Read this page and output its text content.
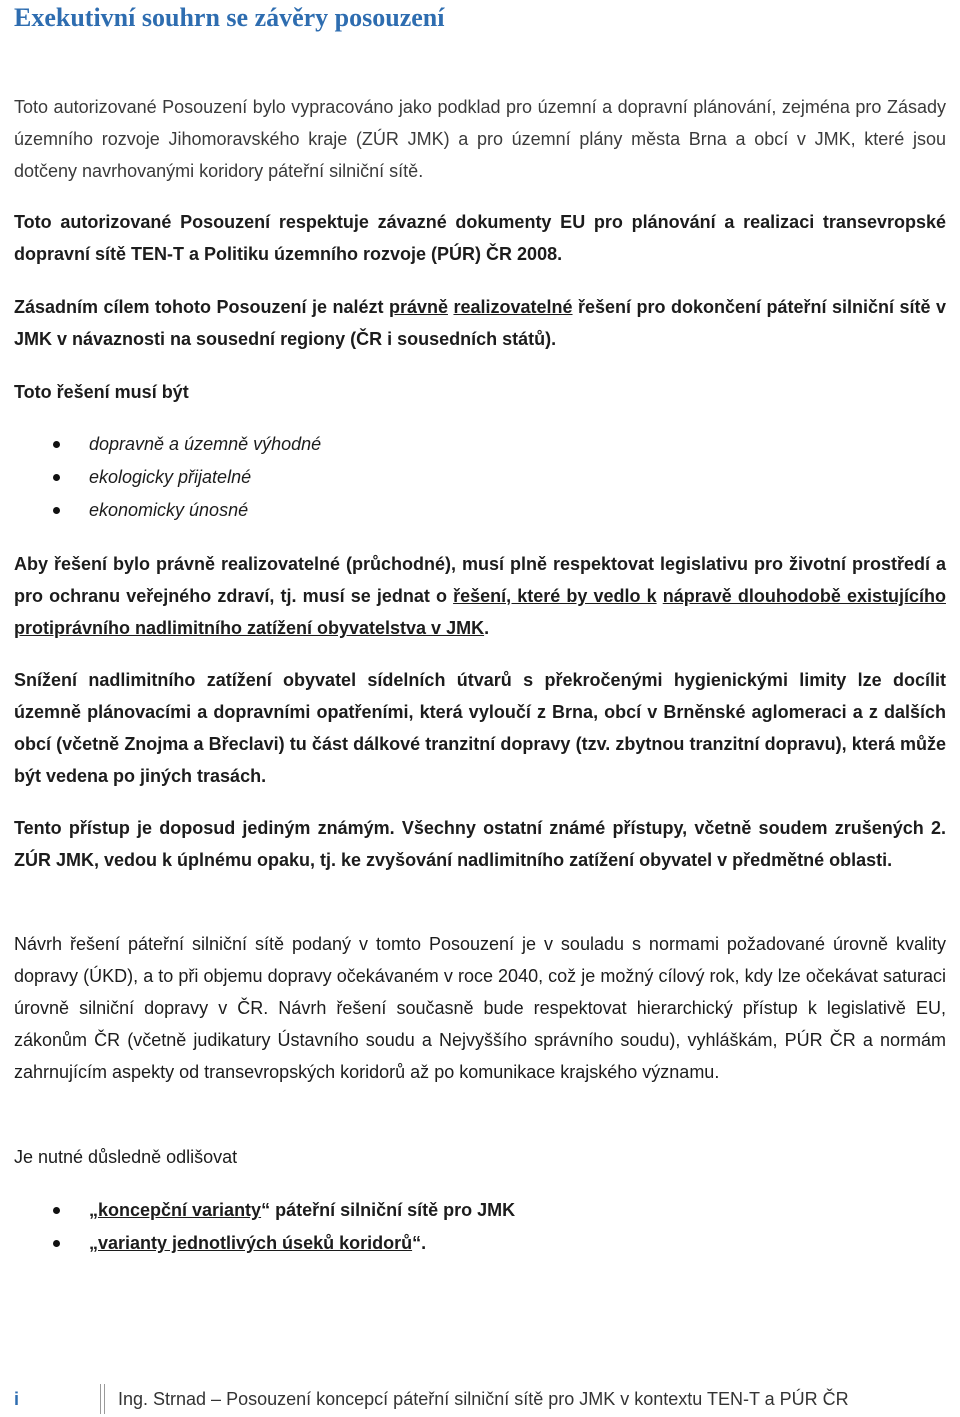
Exekutivní souhrn se závěry posouzení

Toto autorizované Posouzení bylo vypracováno jako podklad pro územní a dopravní plánování, zejména pro Zásady územního rozvoje Jihomoravského kraje (ZÚR JMK) a pro územní plány města Brna a obcí v JMK, které jsou dotčeny navrhovanými koridory páteřní silniční sítě.

Toto autorizované Posouzení respektuje závazné dokumenty EU pro plánování a realizaci transevropské dopravní sítě TEN-T a Politiku územního rozvoje (PÚR) ČR 2008.

Zásadním cílem tohoto Posouzení je nalézt právně realizovatelné řešení pro dokončení páteřní silniční sítě v JMK v návaznosti na sousední regiony (ČR i sousedních států).

Toto řešení musí být

dopravně a územně výhodné
ekologicky přijatelné
ekonomicky únosné

Aby řešení bylo právně realizovatelné (průchodné), musí plně respektovat legislativu pro životní prostředí a pro ochranu veřejného zdraví, tj. musí se jednat o řešení, které by vedlo k nápravě dlouhodobě existujícího protiprávního nadlimitního zatížení obyvatelstva v JMK.

Snížení nadlimitního zatížení obyvatel sídelních útvarů s překročenými hygienickými limity lze docílit územně plánovacími a dopravními opatřeními, která vyloučí z Brna, obcí v Brněnské aglomeraci a z dalších obcí (včetně Znojma a Břeclavi) tu část dálkové tranzitní dopravy (tzv. zbytnou tranzitní dopravu), která může být vedena po jiných trasách.

Tento přístup je doposud jediným známým. Všechny ostatní známé přístupy, včetně soudem zrušených 2. ZÚR JMK, vedou k úplnému opaku, tj. ke zvyšování nadlimitního zatížení obyvatel v předmětné oblasti.

Návrh řešení páteřní silniční sítě podaný v tomto Posouzení je v souladu s normami požadované úrovně kvality dopravy (ÚKD), a to při objemu dopravy očekávaném v roce 2040, což je možný cílový rok, kdy lze očekávat saturaci úrovně silniční dopravy v ČR. Návrh řešení současně bude respektovat hierarchický přístup k legislativě EU, zákonům ČR (včetně judikatury Ústavního soudu a Nejvyššího správního soudu), vyhláškám, PÚR ČR a normám zahrnujícím aspekty od transevropských koridorů až po komunikace krajského významu.

Je nutné důsledně odlišovat

„koncepční varianty“ páteřní silniční sítě pro JMK
„varianty jednotlivých úseků koridorů“.
i	Ing. Strnad – Posouzení koncepcí páteřní silniční sítě pro JMK v kontextu TEN-T a PÚR ČR
